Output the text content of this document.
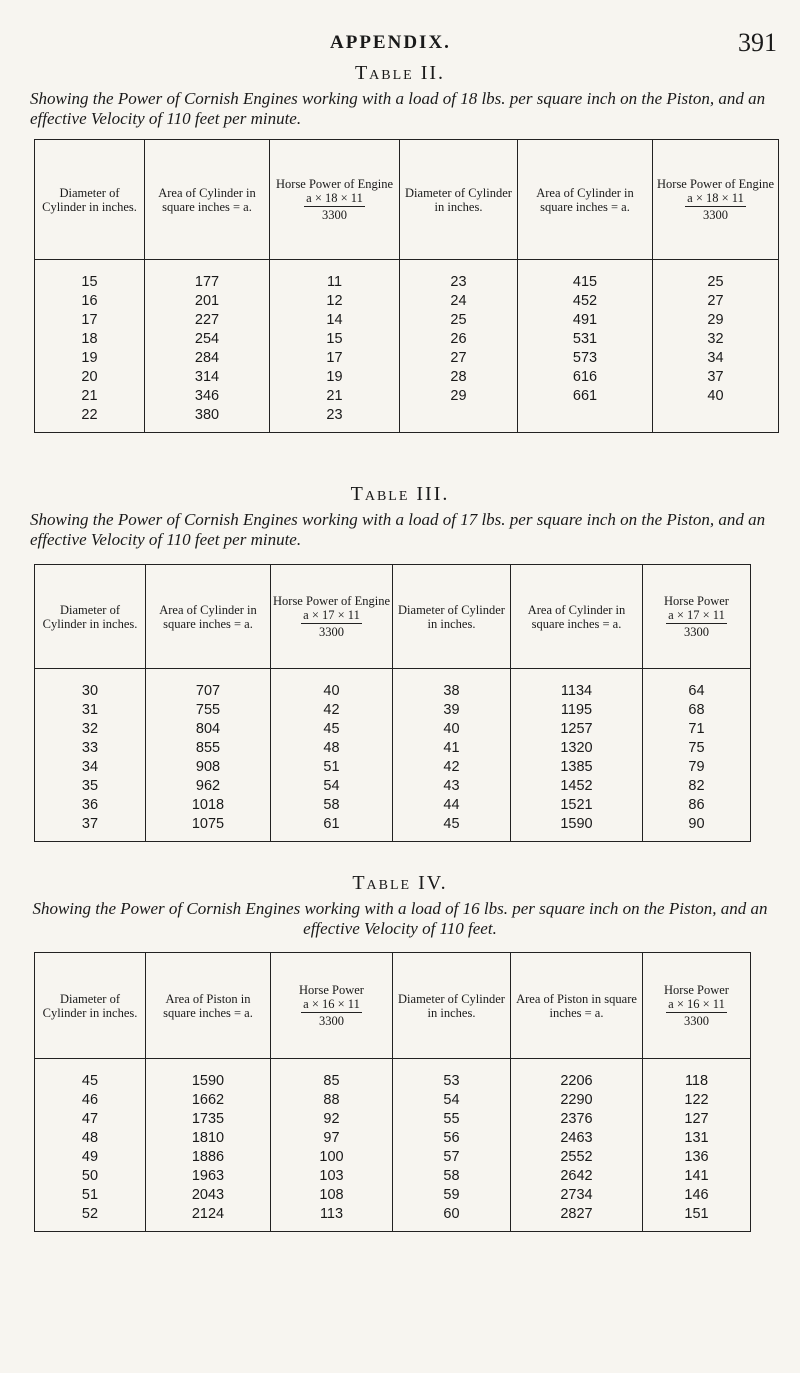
APPENDIX.	391

Table II.

Showing the Power of Cornish Engines working with a load of 18 lbs. per square inch on the Piston, and an effective Velocity of 110 feet per minute.

Diameter of Cylinder in inches.	Area of Cylinder in square inches = a.	Horse Power of Engine

$\frac{a \times 18 \times 11}{3300}$	Diameter of Cylinder in inches.	Area of Cylinder in square inches = a.	Horse Power of Engine

$\frac{a \times 18 \times 11}{3300}$

15	177	11	23	415	25
16	201	12	24	452	27
17	227	14	25	491	29
18	254	15	26	531	32
19	284	17	27	573	34
20	314	19	28	616	37
21	346	21	29	661	40
22	380	23			

Table III.

Showing the Power of Cornish Engines working with a load of 17 lbs. per square inch on the Piston, and an effective Velocity of 110 feet per minute.

Diameter of Cylinder in inches.	Area of Cylinder in square inches = a.	Horse Power of Engine

$\frac{a \times 17 \times 11}{3300}$	Diameter of Cylinder in inches.	Area of Cylinder in square inches = a.	Horse Power

$\frac{a \times 17 \times 11}{3300}$

30	707	40	38	1134	64
31	755	42	39	1195	68
32	804	45	40	1257	71
33	855	48	41	1320	75
34	908	51	42	1385	79
35	962	54	43	1452	82
36	1018	58	44	1521	86
37	1075	61	45	1590	90

Table IV.

Showing the Power of Cornish Engines working with a load of 16 lbs. per square inch on the Piston, and an effective Velocity of 110 feet.

Diameter of Cylinder in inches.	Area of Piston in square inches = a.	Horse Power

$\frac{a \times 16 \times 11}{3300}$	Diameter of Cylinder in inches.	Area of Piston in square inches = a.	Horse Power

$\frac{a \times 16 \times 11}{3300}$

45	1590	85	53	2206	118
46	1662	88	54	2290	122
47	1735	92	55	2376	127
48	1810	97	56	2463	131
49	1886	100	57	2552	136
50	1963	103	58	2642	141
51	2043	108	59	2734	146
52	2124	113	60	2827	151
